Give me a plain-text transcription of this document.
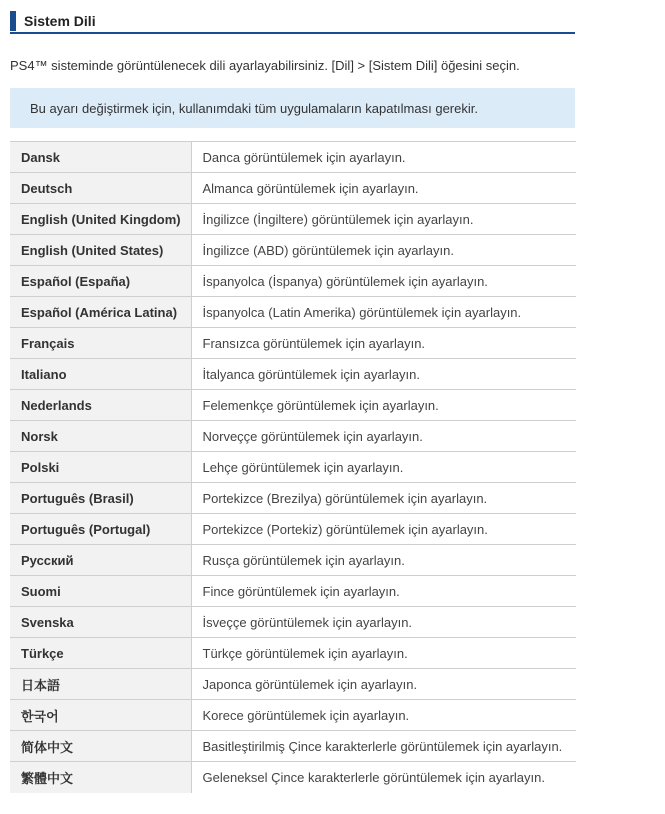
Sistem Dili
PS4™ sisteminde görüntülenecek dili ayarlayabilirsiniz. [Dil] > [Sistem Dili] öğesini seçin.
Bu ayarı değiştirmek için, kullanımdaki tüm uygulamaların kapatılması gerekir.
Dansk	Danca görüntülemek için ayarlayın.
Deutsch	Almanca görüntülemek için ayarlayın.
English (United Kingdom)	İngilizce (İngiltere) görüntülemek için ayarlayın.
English (United States)	İngilizce (ABD) görüntülemek için ayarlayın.
Español (España)	İspanyolca (İspanya) görüntülemek için ayarlayın.
Español (América Latina)	İspanyolca (Latin Amerika) görüntülemek için ayarlayın.
Français	Fransızca görüntülemek için ayarlayın.
Italiano	İtalyanca görüntülemek için ayarlayın.
Nederlands	Felemenkçe görüntülemek için ayarlayın.
Norsk	Norveççe görüntülemek için ayarlayın.
Polski	Lehçe görüntülemek için ayarlayın.
Português (Brasil)	Portekizce (Brezilya) görüntülemek için ayarlayın.
Português (Portugal)	Portekizce (Portekiz) görüntülemek için ayarlayın.
Русский	Rusça görüntülemek için ayarlayın.
Suomi	Fince görüntülemek için ayarlayın.
Svenska	İsveççe görüntülemek için ayarlayın.
Türkçe	Türkçe görüntülemek için ayarlayın.
日本語	Japonca görüntülemek için ayarlayın.
한국어	Korece görüntülemek için ayarlayın.
简体中文	Basitleştirilmiş Çince karakterlerle görüntülemek için ayarlayın.
繁體中文	Geleneksel Çince karakterlerle görüntülemek için ayarlayın.
